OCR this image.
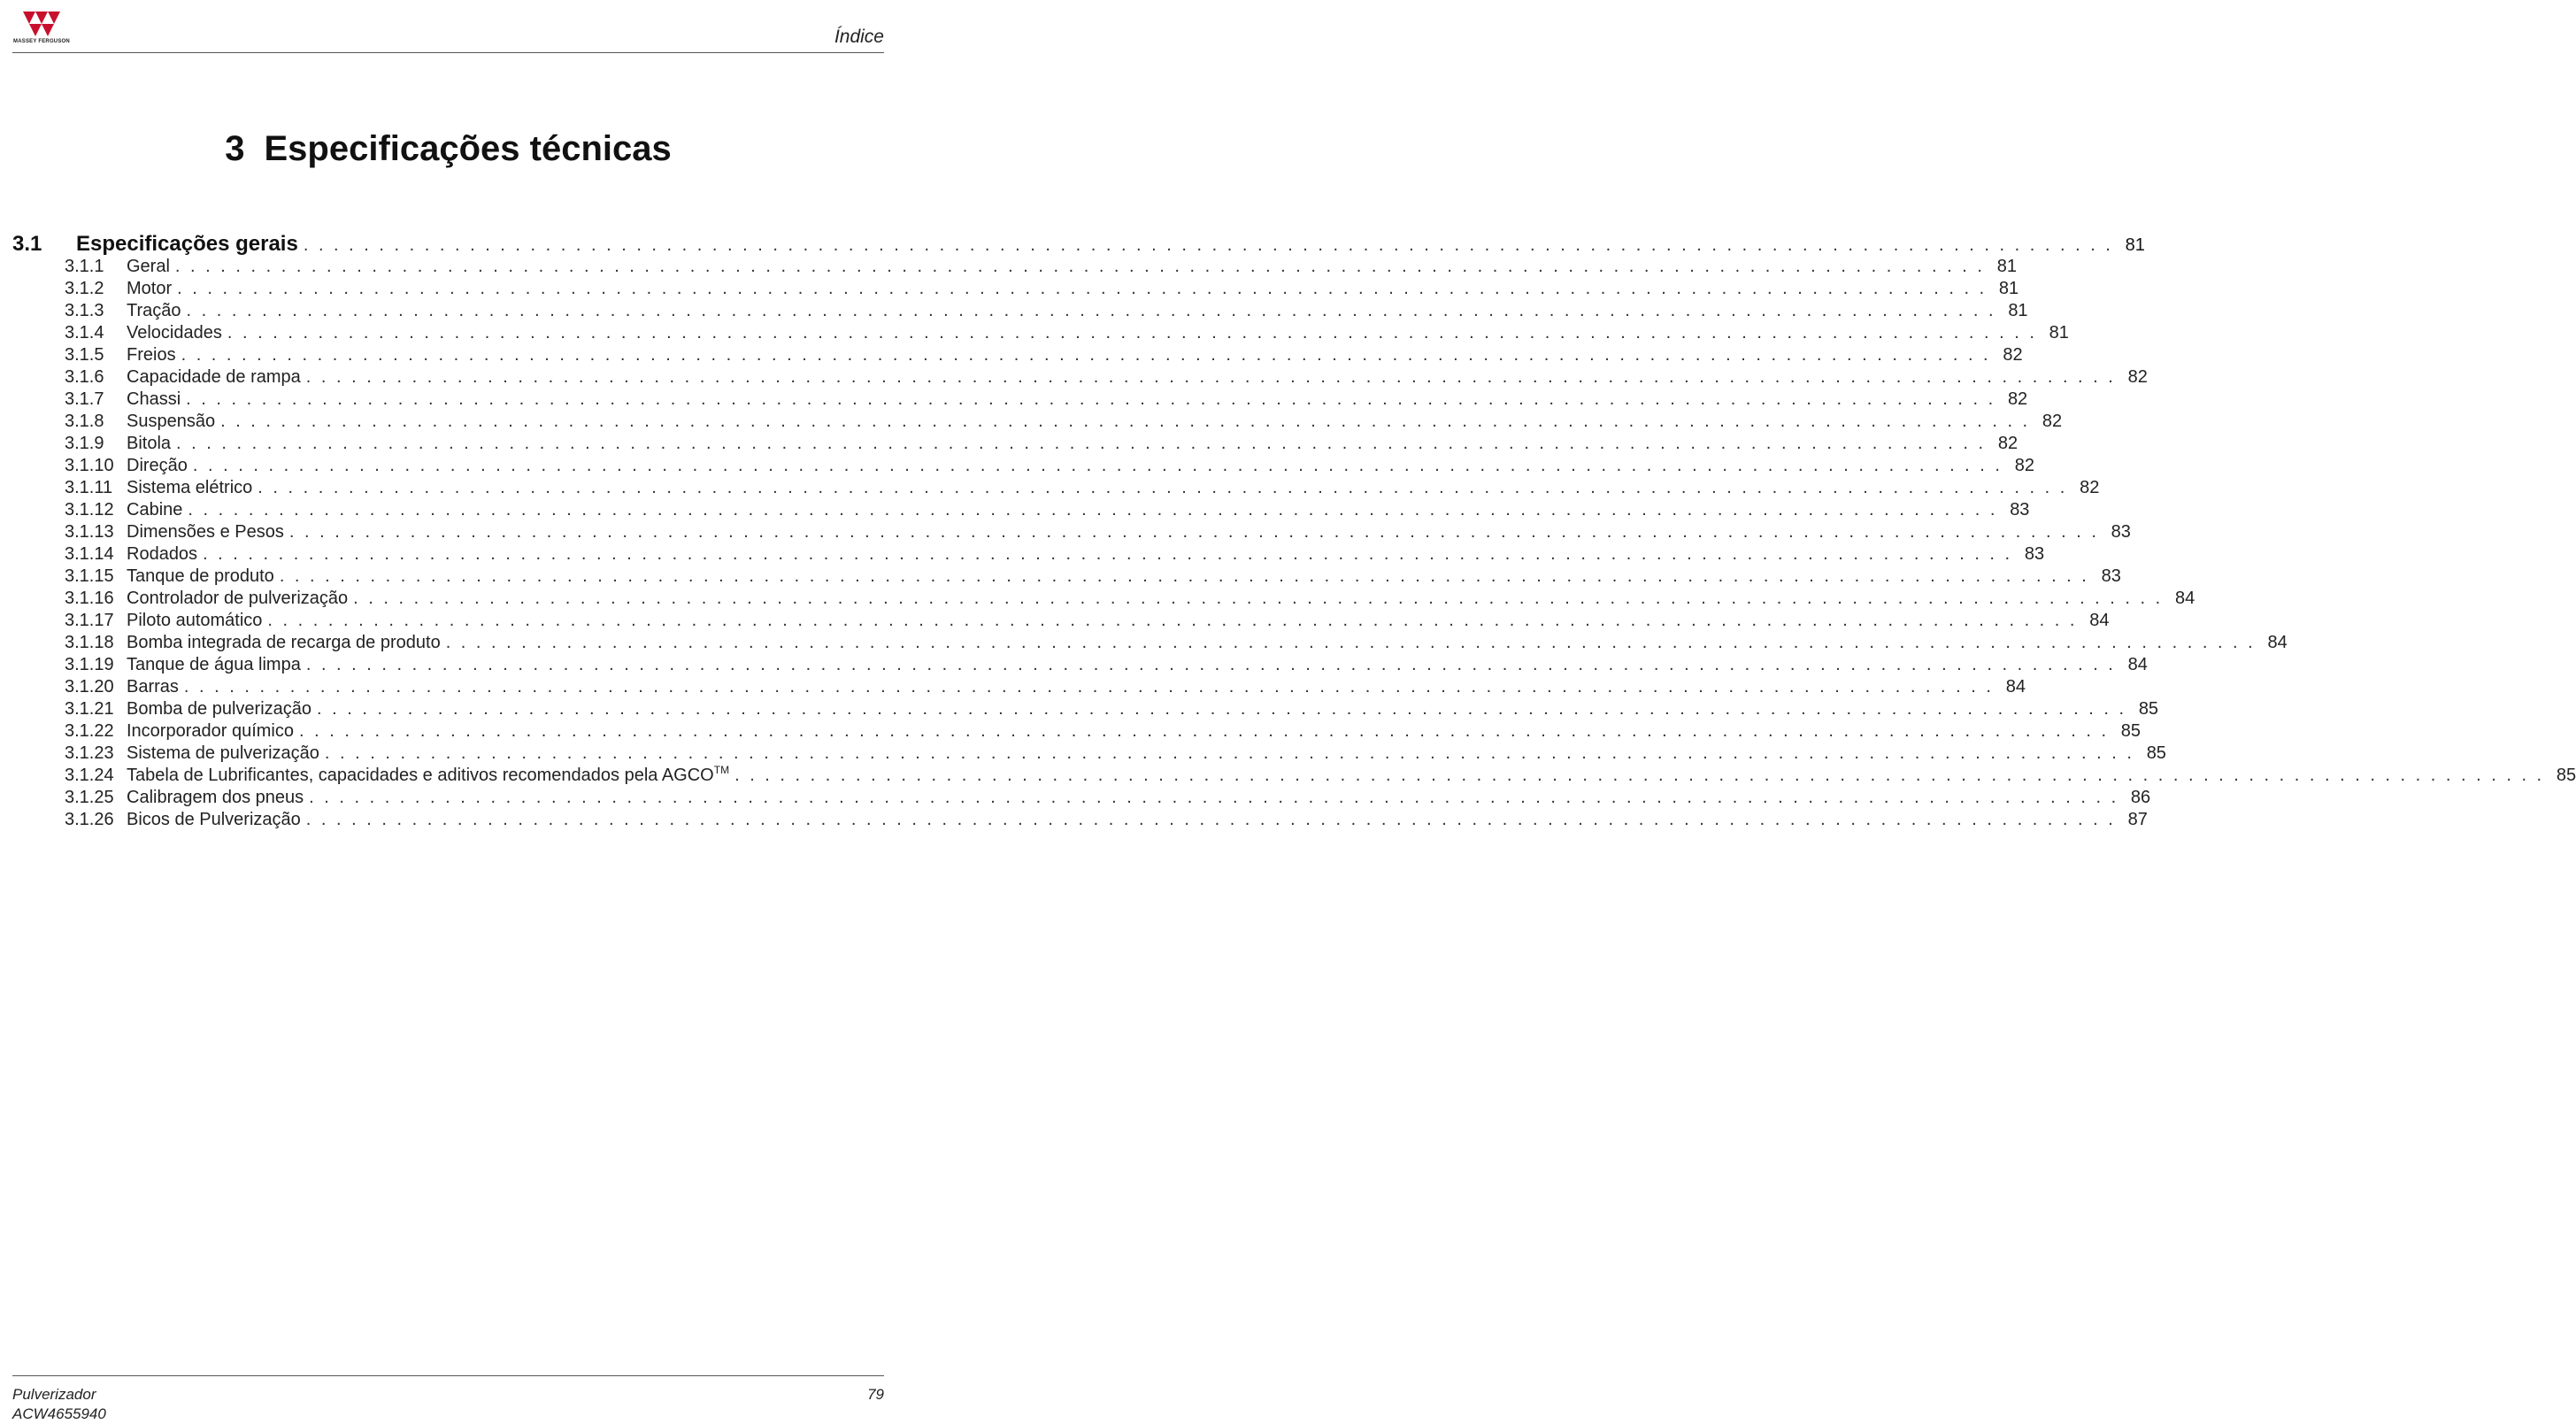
MASSEY FERGUSON	Índice
3 Especificações técnicas
3.1	Especificações gerais . . . . . . . . . . . . . . . . . . . . . . . . . . . . . . . . . . . . . . . . . . . . . . . . . . . . . . . . . . . . . . . . . . . . . . . . . . . . . . . . . . . . . . . . . . . . . . . . . . . . . . . . . . . . . . . . . . . . . . . . 81
3.1.1	Geral . . . . . . . . . . . . . . . . . . . . . . . . . . . . . . . . . . . . . . . . . . . . . . . . . . . . . . . . . . . . . . . . . . . . . . . . . . . . . . . . . . . . . . . . . . . . . . . . . . . . . . . . . . . . . . . . . . . . . . . . 81
3.1.2	Motor . . . . . . . . . . . . . . . . . . . . . . . . . . . . . . . . . . . . . . . . . . . . . . . . . . . . . . . . . . . . . . . . . . . . . . . . . . . . . . . . . . . . . . . . . . . . . . . . . . . . . . . . . . . . . . . . . . . . . . . . 81
3.1.3	Tração . . . . . . . . . . . . . . . . . . . . . . . . . . . . . . . . . . . . . . . . . . . . . . . . . . . . . . . . . . . . . . . . . . . . . . . . . . . . . . . . . . . . . . . . . . . . . . . . . . . . . . . . . . . . . . . . . . . . . . . . 81
3.1.4	Velocidades . . . . . . . . . . . . . . . . . . . . . . . . . . . . . . . . . . . . . . . . . . . . . . . . . . . . . . . . . . . . . . . . . . . . . . . . . . . . . . . . . . . . . . . . . . . . . . . . . . . . . . . . . . . . . . . . . . . . . . . . 81
3.1.5	Freios . . . . . . . . . . . . . . . . . . . . . . . . . . . . . . . . . . . . . . . . . . . . . . . . . . . . . . . . . . . . . . . . . . . . . . . . . . . . . . . . . . . . . . . . . . . . . . . . . . . . . . . . . . . . . . . . . . . . . . . . 82
3.1.6	Capacidade de rampa . . . . . . . . . . . . . . . . . . . . . . . . . . . . . . . . . . . . . . . . . . . . . . . . . . . . . . . . . . . . . . . . . . . . . . . . . . . . . . . . . . . . . . . . . . . . . . . . . . . . . . . . . . . . . . . . . . . . . . . . 82
3.1.7	Chassi . . . . . . . . . . . . . . . . . . . . . . . . . . . . . . . . . . . . . . . . . . . . . . . . . . . . . . . . . . . . . . . . . . . . . . . . . . . . . . . . . . . . . . . . . . . . . . . . . . . . . . . . . . . . . . . . . . . . . . . . 82
3.1.8	Suspensão . . . . . . . . . . . . . . . . . . . . . . . . . . . . . . . . . . . . . . . . . . . . . . . . . . . . . . . . . . . . . . . . . . . . . . . . . . . . . . . . . . . . . . . . . . . . . . . . . . . . . . . . . . . . . . . . . . . . . . . . 82
3.1.9	Bitola . . . . . . . . . . . . . . . . . . . . . . . . . . . . . . . . . . . . . . . . . . . . . . . . . . . . . . . . . . . . . . . . . . . . . . . . . . . . . . . . . . . . . . . . . . . . . . . . . . . . . . . . . . . . . . . . . . . . . . . . 82
3.1.10 Direção . . . . . . . . . . . . . . . . . . . . . . . . . . . . . . . . . . . . . . . . . . . . . . . . . . . . . . . . . . . . . . . . . . . . . . . . . . . . . . . . . . . . . . . . . . . . . . . . . . . . . . . . . . . . . . . . . . . . . . . . 82
3.1.11 Sistema elétrico . . . . . . . . . . . . . . . . . . . . . . . . . . . . . . . . . . . . . . . . . . . . . . . . . . . . . . . . . . . . . . . . . . . . . . . . . . . . . . . . . . . . . . . . . . . . . . . . . . . . . . . . . . . . . . . . . . . . . . . . 82
3.1.12 Cabine . . . . . . . . . . . . . . . . . . . . . . . . . . . . . . . . . . . . . . . . . . . . . . . . . . . . . . . . . . . . . . . . . . . . . . . . . . . . . . . . . . . . . . . . . . . . . . . . . . . . . . . . . . . . . . . . . . . . . . . . 83
3.1.13 Dimensões e Pesos . . . . . . . . . . . . . . . . . . . . . . . . . . . . . . . . . . . . . . . . . . . . . . . . . . . . . . . . . . . . . . . . . . . . . . . . . . . . . . . . . . . . . . . . . . . . . . . . . . . . . . . . . . . . . . . . . . . . . . . . 83
3.1.14 Rodados . . . . . . . . . . . . . . . . . . . . . . . . . . . . . . . . . . . . . . . . . . . . . . . . . . . . . . . . . . . . . . . . . . . . . . . . . . . . . . . . . . . . . . . . . . . . . . . . . . . . . . . . . . . . . . . . . . . . . . . . 83
3.1.15 Tanque de produto . . . . . . . . . . . . . . . . . . . . . . . . . . . . . . . . . . . . . . . . . . . . . . . . . . . . . . . . . . . . . . . . . . . . . . . . . . . . . . . . . . . . . . . . . . . . . . . . . . . . . . . . . . . . . . . . . . . . . . . . 83
3.1.16 Controlador de pulverização . . . . . . . . . . . . . . . . . . . . . . . . . . . . . . . . . . . . . . . . . . . . . . . . . . . . . . . . . . . . . . . . . . . . . . . . . . . . . . . . . . . . . . . . . . . . . . . . . . . . . . . . . . . . . . . . . . . . . . . . 84
3.1.17 Piloto automático . . . . . . . . . . . . . . . . . . . . . . . . . . . . . . . . . . . . . . . . . . . . . . . . . . . . . . . . . . . . . . . . . . . . . . . . . . . . . . . . . . . . . . . . . . . . . . . . . . . . . . . . . . . . . . . . . . . . . . . . 84
3.1.18 Bomba integrada de recarga de produto . . . . . . . . . . . . . . . . . . . . . . . . . . . . . . . . . . . . . . . . . . . . . . . . . . . . . . . . . . . . . . . . . . . . . . . . . . . . . . . . . . . . . . . . . . . . . . . . . . . . . . . . . . . . . . . . . . . . . . . . 84
3.1.19 Tanque de água limpa . . . . . . . . . . . . . . . . . . . . . . . . . . . . . . . . . . . . . . . . . . . . . . . . . . . . . . . . . . . . . . . . . . . . . . . . . . . . . . . . . . . . . . . . . . . . . . . . . . . . . . . . . . . . . . . . . . . . . . . . 84
3.1.20 Barras . . . . . . . . . . . . . . . . . . . . . . . . . . . . . . . . . . . . . . . . . . . . . . . . . . . . . . . . . . . . . . . . . . . . . . . . . . . . . . . . . . . . . . . . . . . . . . . . . . . . . . . . . . . . . . . . . . . . . . . . 84
3.1.21 Bomba de pulverização . . . . . . . . . . . . . . . . . . . . . . . . . . . . . . . . . . . . . . . . . . . . . . . . . . . . . . . . . . . . . . . . . . . . . . . . . . . . . . . . . . . . . . . . . . . . . . . . . . . . . . . . . . . . . . . . . . . . . . . . 85
3.1.22 Incorporador químico . . . . . . . . . . . . . . . . . . . . . . . . . . . . . . . . . . . . . . . . . . . . . . . . . . . . . . . . . . . . . . . . . . . . . . . . . . . . . . . . . . . . . . . . . . . . . . . . . . . . . . . . . . . . . . . . . . . . . . . . 85
3.1.23 Sistema de pulverização . . . . . . . . . . . . . . . . . . . . . . . . . . . . . . . . . . . . . . . . . . . . . . . . . . . . . . . . . . . . . . . . . . . . . . . . . . . . . . . . . . . . . . . . . . . . . . . . . . . . . . . . . . . . . . . . . . . . . . . . 85
3.1.24 Tabela de Lubrificantes, capacidades e aditivos recomendados pela AGCO™ . . . . . . . . . . . . . . . . . . . . . . . . . . . . . . . . . . . . . . . . . . . . . . . . . . . . . . . . . . . . . . . . . . . . . . . . . . . . . . . . . . . . . . . . . . . . . . . . . . . . . . . . . . . . . . . . . . . . . . . . 85
3.1.25 Calibragem dos pneus . . . . . . . . . . . . . . . . . . . . . . . . . . . . . . . . . . . . . . . . . . . . . . . . . . . . . . . . . . . . . . . . . . . . . . . . . . . . . . . . . . . . . . . . . . . . . . . . . . . . . . . . . . . . . . . . . . . . . . . . 86
3.1.26 Bicos de Pulverização . . . . . . . . . . . . . . . . . . . . . . . . . . . . . . . . . . . . . . . . . . . . . . . . . . . . . . . . . . . . . . . . . . . . . . . . . . . . . . . . . . . . . . . . . . . . . . . . . . . . . . . . . . . . . . . . . . . . . . . . 87
Pulverizador
ACW4655940
79
